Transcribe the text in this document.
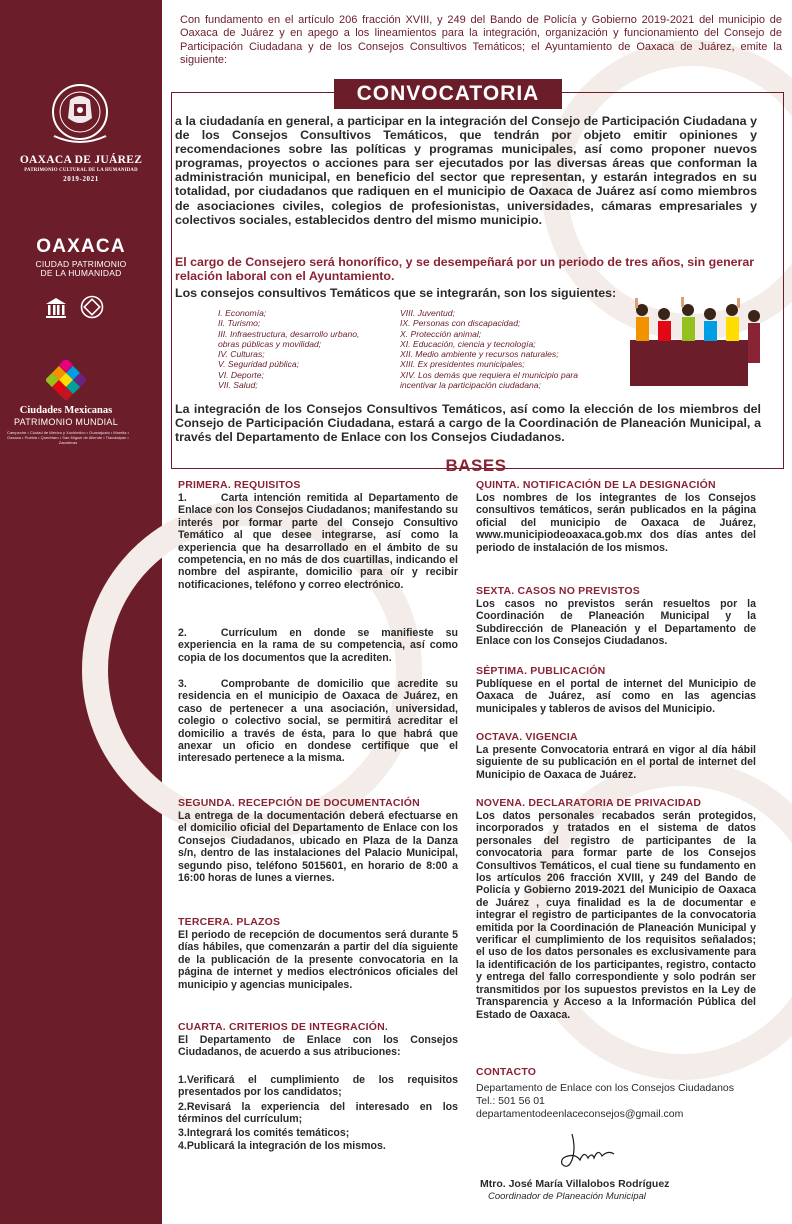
OAXACA DE JUÁREZ
PATRIMONIO CULTURAL DE LA HUMANIDAD
2019-2021
OAXACA
CIUDAD PATRIMONIO
DE LA HUMANIDAD
Ciudades Mexicanas
PATRIMONIO MUNDIAL
Campeche • Ciudad de México y Xochimilco • Guanajuato • Morelia • Oaxaca • Puebla • Querétaro • San Miguel de Allende • Tlacotalpan • Zacatecas

Con fundamento en el artículo 206 fracción XVIII, y 249 del Bando de Policía y Gobierno 2019-2021 del municipio de Oaxaca de Juárez y en apego a los lineamientos para la integración, organización y funcionamiento del Consejo de Participación Ciudadana y de los Consejos Consultivos Temáticos; el Ayuntamiento de Oaxaca de Juárez, emite la siguiente:

CONVOCATORIA

a la ciudadanía en general, a participar en la integración del Consejo de Participación Ciudadana y de los Consejos Consultivos Temáticos, que tendrán por objeto emitir opiniones y recomendaciones sobre las políticas y programas municipales, así como proponer nuevos programas, proyectos o acciones para ser ejecutados por las diversas áreas que conforman la administración municipal, en beneficio del sector que representan, y estarán integrados en su totalidad, por ciudadanos que radiquen en el municipio de Oaxaca de Juárez así como miembros de asociaciones civiles, colegios de profesionistas, universidades, cámaras empresariales y colectivos sociales, establecidos dentro del mismo municipio.

El cargo de Consejero será honorífico, y se desempeñará por un periodo de tres años, sin generar relación laboral con el Ayuntamiento.

Los consejos consultivos Temáticos que se integrarán, son los siguientes:

I. Economía;
II. Turismo;
III. Infraestructura, desarrollo urbano,
obras públicas y movilidad;
IV. Culturas;
V. Seguridad pública;
VI. Deporte;
VII. Salud;
VIII. Juventud;
IX. Personas con discapacidad;
X. Protección animal;
XI. Educación, ciencia y tecnología;
XII. Medio ambiente y recursos naturales;
XIII. Ex presidentes municipales;
XIV. Los demás que requiera el municipio para
incentivar la participación ciudadana;

La integración de los Consejos Consultivos Temáticos, así como la elección de los miembros del Consejo de Participación Ciudadana, estará a cargo de la Coordinación de Planeación Municipal, a través del Departamento de Enlace con los Consejos Ciudadanos.

BASES
PRIMERA. REQUISITOS

1.	Carta intención remitida al Departamento de Enlace con los Consejos Ciudadanos; manifestando su interés por formar parte del Consejo Consultivo Temático al que desee integrarse, así como la experiencia que ha desarrollado en el ámbito de su competencia, en no más de dos cuartillas, indicando el nombre del aspirante, domicilio para oír y recibir notificaciones, teléfono y correo electrónico.

2.	Currículum en donde se manifieste su experiencia en la rama de su competencia, así como copia de los documentos que la acrediten.

3.	Comprobante de domicilio que acredite su residencia en el municipio de Oaxaca de Juárez, en caso de pertenecer a una asociación, universidad, colegio o colectivo social, se permitirá acreditar el domicilio a través de ésta, para lo que habrá que anexar un oficio en dondese certifique que el interesado pertenece a la misma.

SEGUNDA. RECEPCIÓN DE DOCUMENTACIÓN

La entrega de la documentación deberá efectuarse en el domicilio oficial del Departamento de Enlace con los Consejos Ciudadanos, ubicado en Plaza de la Danza s/n, dentro de las instalaciones del Palacio Municipal, segundo piso, teléfono 5015601, en horario de 8:00 a 16:00 horas de lunes a viernes.

TERCERA. PLAZOS

El periodo de recepción de documentos será durante 5 días hábiles, que comenzarán a partir del día siguiente de la publicación de la presente convocatoria en la página de internet y medios electrónicos oficiales del municipio y agencias municipales.

CUARTA. CRITERIOS DE INTEGRACIÓN.

El Departamento de Enlace con los Consejos Ciudadanos, de acuerdo a sus atribuciones:

1.Verificará el cumplimiento de los requisitos presentados por los candidatos;

2.Revisará la experiencia del interesado en los términos del currículum;

3.Integrará los comités temáticos;

4.Publicará la integración de los mismos.

QUINTA. NOTIFICACIÓN DE LA DESIGNACIÓN

Los nombres de los integrantes de los Consejos consultivos temáticos, serán publicados en la página oficial del municipio de Oaxaca de Juárez, www.municipiodeoaxaca.gob.mx dos días antes del periodo de instalación de los mismos.

SEXTA. CASOS NO PREVISTOS

Los casos no previstos serán resueltos por la Coordinación de Planeación Municipal y la Subdirección de Planeación y el Departamento de Enlace con los Consejos Ciudadanos.

SÉPTIMA. PUBLICACIÓN

Publíquese en el portal de internet del Municipio de Oaxaca de Juárez, así como en las agencias municipales y tableros de avisos del Municipio.

OCTAVA. VIGENCIA

La presente Convocatoria entrará en vigor al día hábil siguiente de su publicación en el portal de internet del Municipio de Oaxaca de Juárez.

NOVENA. DECLARATORIA DE PRIVACIDAD

Los datos personales recabados serán protegidos, incorporados y tratados en el sistema de datos personales del registro de participantes de la convocatoria para formar parte de los Consejos Consultivos Temáticos, el cual tiene su fundamento en los artículos 206 fracción XVIII, y 249 del Bando de Policía y Gobierno 2019-2021 del Municipio de Oaxaca de Juárez , cuya finalidad es la de documentar e integrar el registro de participantes de la convocatoria emitida por la Coordinación de Planeación Municipal y verificar el cumplimiento de los requisitos señalados; el uso de los datos personales es exclusivamente para la identificación de los participantes, registro, contacto y entrega del fallo correspondiente y solo podrán ser transmitidos por los supuestos previstos en la Ley de Transparencia y Acceso a la Información Pública del Estado de Oaxaca.

CONTACTO
Departamento de Enlace con los Consejos Ciudadanos
Tel.: 501 56 01
departamentodeenlaceconsejos@gmail.com
Mtro. José María Villalobos Rodríguez
Coordinador de Planeación Municipal
